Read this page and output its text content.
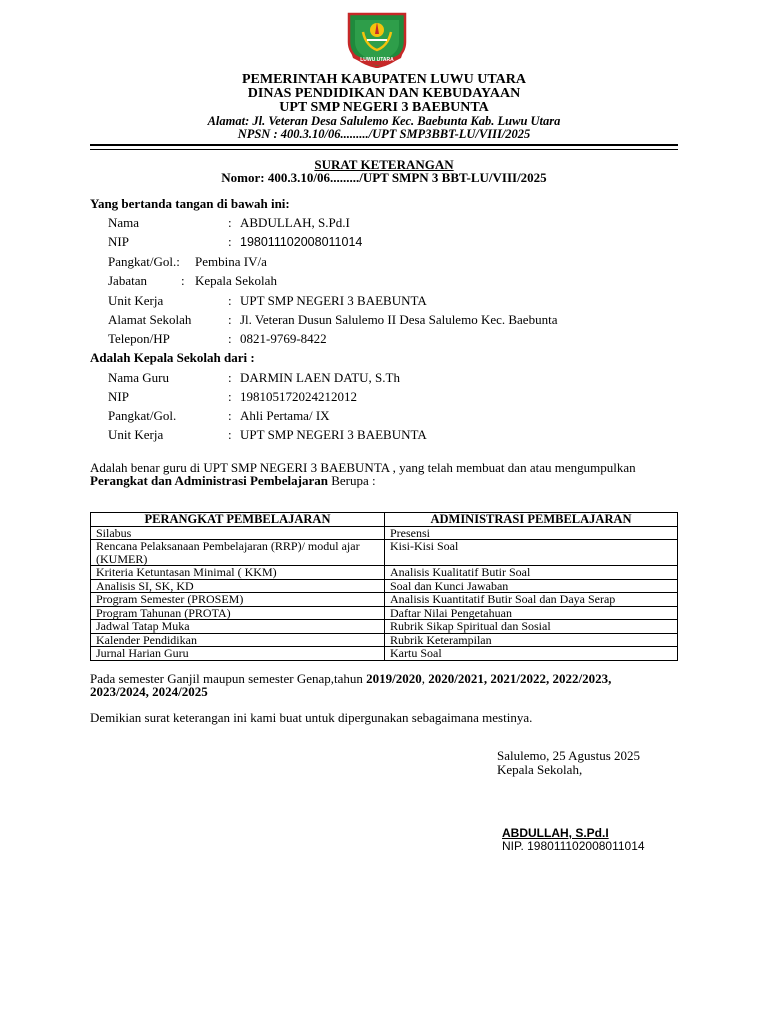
LUWU UTARA
PEMERINTAH KABUPATEN LUWU UTARA
DINAS PENDIDIKAN DAN KEBUDAYAAN
UPT SMP NEGERI 3 BAEBUNTA
Alamat: Jl. Veteran Desa Salulemo Kec. Baebunta Kab. Luwu Utara
NPSN : 400.3.10/06........./UPT SMP3BBT-LU/VIII/2025
SURAT KETERANGAN
Nomor: 400.3.10/06........./UPT SMPN 3 BBT-LU/VIII/2025
Yang bertanda tangan di bawah ini:
Nama	: ABDULLAH, S.Pd.I
NIP	: 198011102008011014
Pangkat/Gol.: Pembina IV/a
Jabatan	: Kepala Sekolah
Unit Kerja	: UPT SMP NEGERI 3 BAEBUNTA
Alamat Sekolah	: Jl. Veteran Dusun Salulemo II Desa Salulemo Kec. Baebunta
Telepon/HP	: 0821-9769-8422
Adalah Kepala Sekolah dari :
Nama Guru	: DARMIN LAEN DATU, S.Th
NIP	: 198105172024212012
Pangkat/Gol.	: Ahli Pertama/ IX
Unit Kerja	: UPT SMP NEGERI 3 BAEBUNTA
Adalah benar guru di UPT SMP NEGERI 3 BAEBUNTA , yang telah membuat dan atau mengumpulkan
Perangkat dan Administrasi Pembelajaran Berupa :
PERANGKAT PEMBELAJARAN	ADMINISTRASI PEMBELAJARAN
Silabus	Presensi
Rencana Pelaksanaan Pembelajaran (RRP)/ modul ajar (KUMER)	Kisi-Kisi Soal
Kriteria Ketuntasan Minimal ( KKM)	Analisis Kualitatif Butir Soal
Analisis SI, SK, KD	Soal dan Kunci Jawaban
Program Semester (PROSEM)	Analisis Kuantitatif Butir Soal dan Daya Serap
Program Tahunan (PROTA)	Daftar Nilai Pengetahuan
Jadwal Tatap Muka	Rubrik Sikap Spiritual dan Sosial
Kalender Pendidikan	Rubrik Keterampilan
Jurnal Harian Guru	Kartu Soal
Pada semester Ganjil maupun semester Genap,tahun 2019/2020, 2020/2021, 2021/2022, 2022/2023,
2023/2024, 2024/2025
Demikian surat keterangan ini kami buat untuk dipergunakan sebagaimana mestinya.
Salulemo, 25 Agustus 2025
Kepala Sekolah,
ABDULLAH, S.Pd.I
NIP. 198011102008011014
